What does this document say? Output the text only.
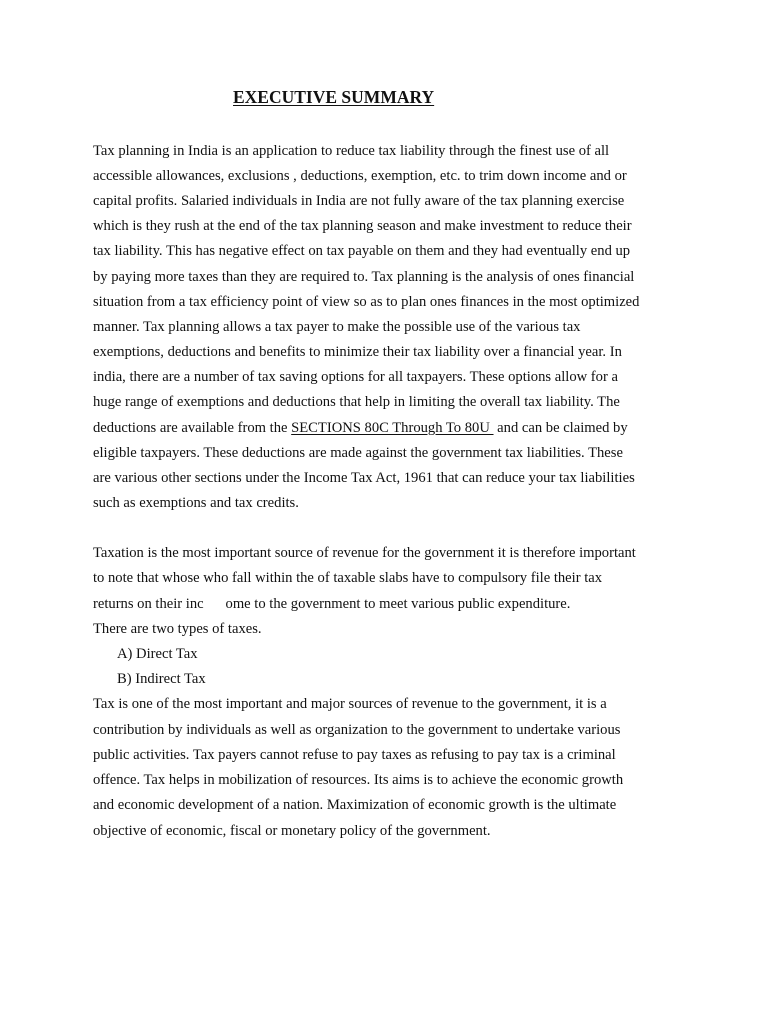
EXECUTIVE SUMMARY
Tax planning in India is an application to reduce tax liability through the finest use of all
accessible allowances, exclusions , deductions, exemption, etc. to trim down income and or
capital profits. Salaried individuals in India are not fully aware of the tax planning exercise
which is they rush at the end of the tax planning season and make investment to reduce their
tax liability. This has negative effect on tax payable on them and they had eventually end up
by paying more taxes than they are required to. Tax planning is the analysis of ones financial
situation from a tax efficiency point of view so as to plan ones finances in the most optimized
manner. Tax planning allows a tax payer to make the possible use of the various tax
exemptions, deductions and benefits to minimize their tax liability over a financial year. In
india, there are a number of tax saving options for all taxpayers. These options allow for a
huge range of exemptions and deductions that help in limiting the overall tax liability. The
deductions are available from the SECTIONS 80C Through To 80U  and can be claimed by
eligible taxpayers. These deductions are made against the government tax liabilities. These
are various other sections under the Income Tax Act, 1961 that can reduce your tax liabilities
such as exemptions and tax credits.
Taxation is the most important source of revenue for the government it is therefore important
to note that whose who fall within the of taxable slabs have to compulsory file their tax
returns on their inc      ome to the government to meet various public expenditure.
There are two types of taxes.
A) Direct Tax
B) Indirect Tax
Tax is one of the most important and major sources of revenue to the government, it is a
contribution by individuals as well as organization to the government to undertake various
public activities. Tax payers cannot refuse to pay taxes as refusing to pay tax is a criminal
offence. Tax helps in mobilization of resources. Its aims is to achieve the economic growth
and economic development of a nation. Maximization of economic growth is the ultimate
objective of economic, fiscal or monetary policy of the government.
